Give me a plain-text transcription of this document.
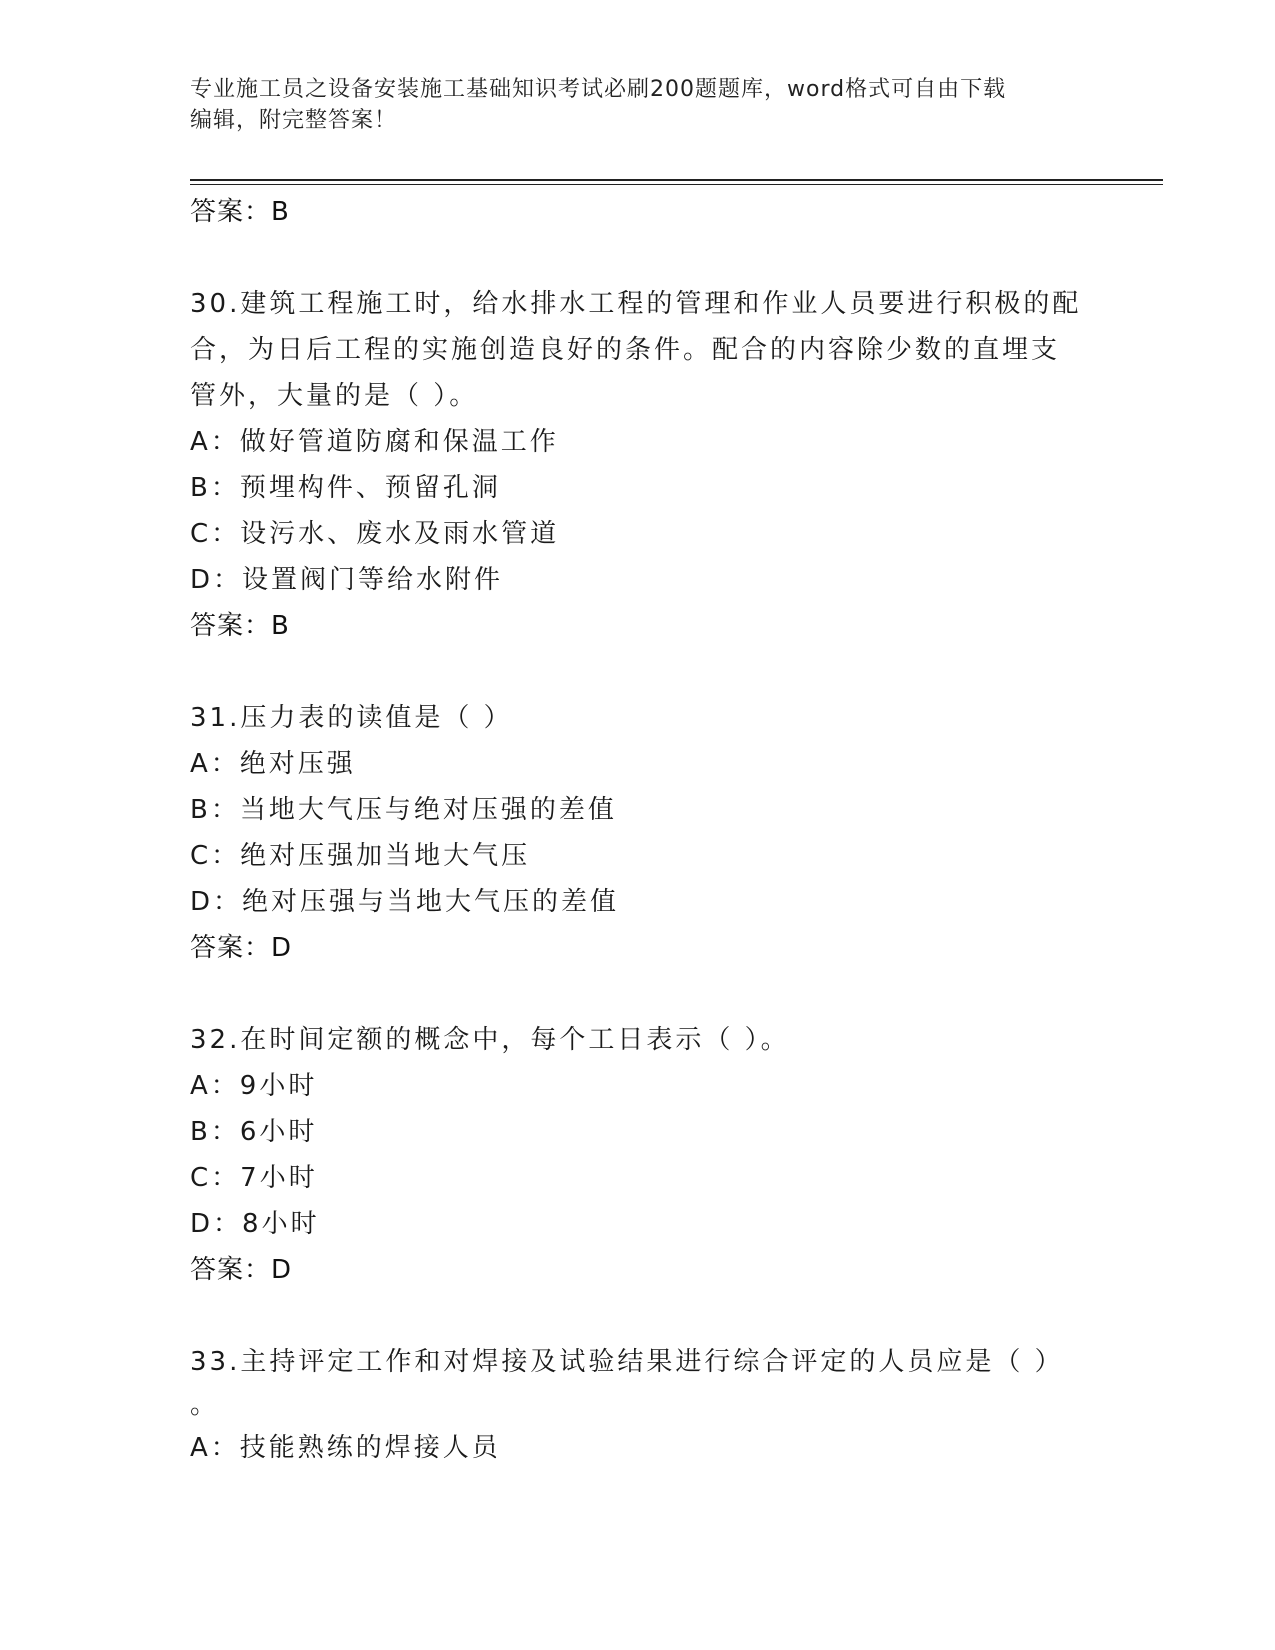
专业施工员之设备安装施工基础知识考试必刷200题题库，word格式可自由下载
编辑，附完整答案！
答案：B
30.建筑工程施工时，给水排水工程的管理和作业人员要进行积极的配
合，为日后工程的实施创造良好的条件。配合的内容除少数的直埋支
管外，大量的是（ ）。
A：做好管道防腐和保温工作
B：预埋构件、预留孔洞
C：设污水、废水及雨水管道
D：设置阀门等给水附件
答案：B
31.压力表的读值是（ ）
A：绝对压强
B：当地大气压与绝对压强的差值
C：绝对压强加当地大气压
D：绝对压强与当地大气压的差值
答案：D
32.在时间定额的概念中，每个工日表示（ ）。
A：9小时
B：6小时
C：7小时
D：8小时
答案：D
33.主持评定工作和对焊接及试验结果进行综合评定的人员应是（ ）
。
A：技能熟练的焊接人员
